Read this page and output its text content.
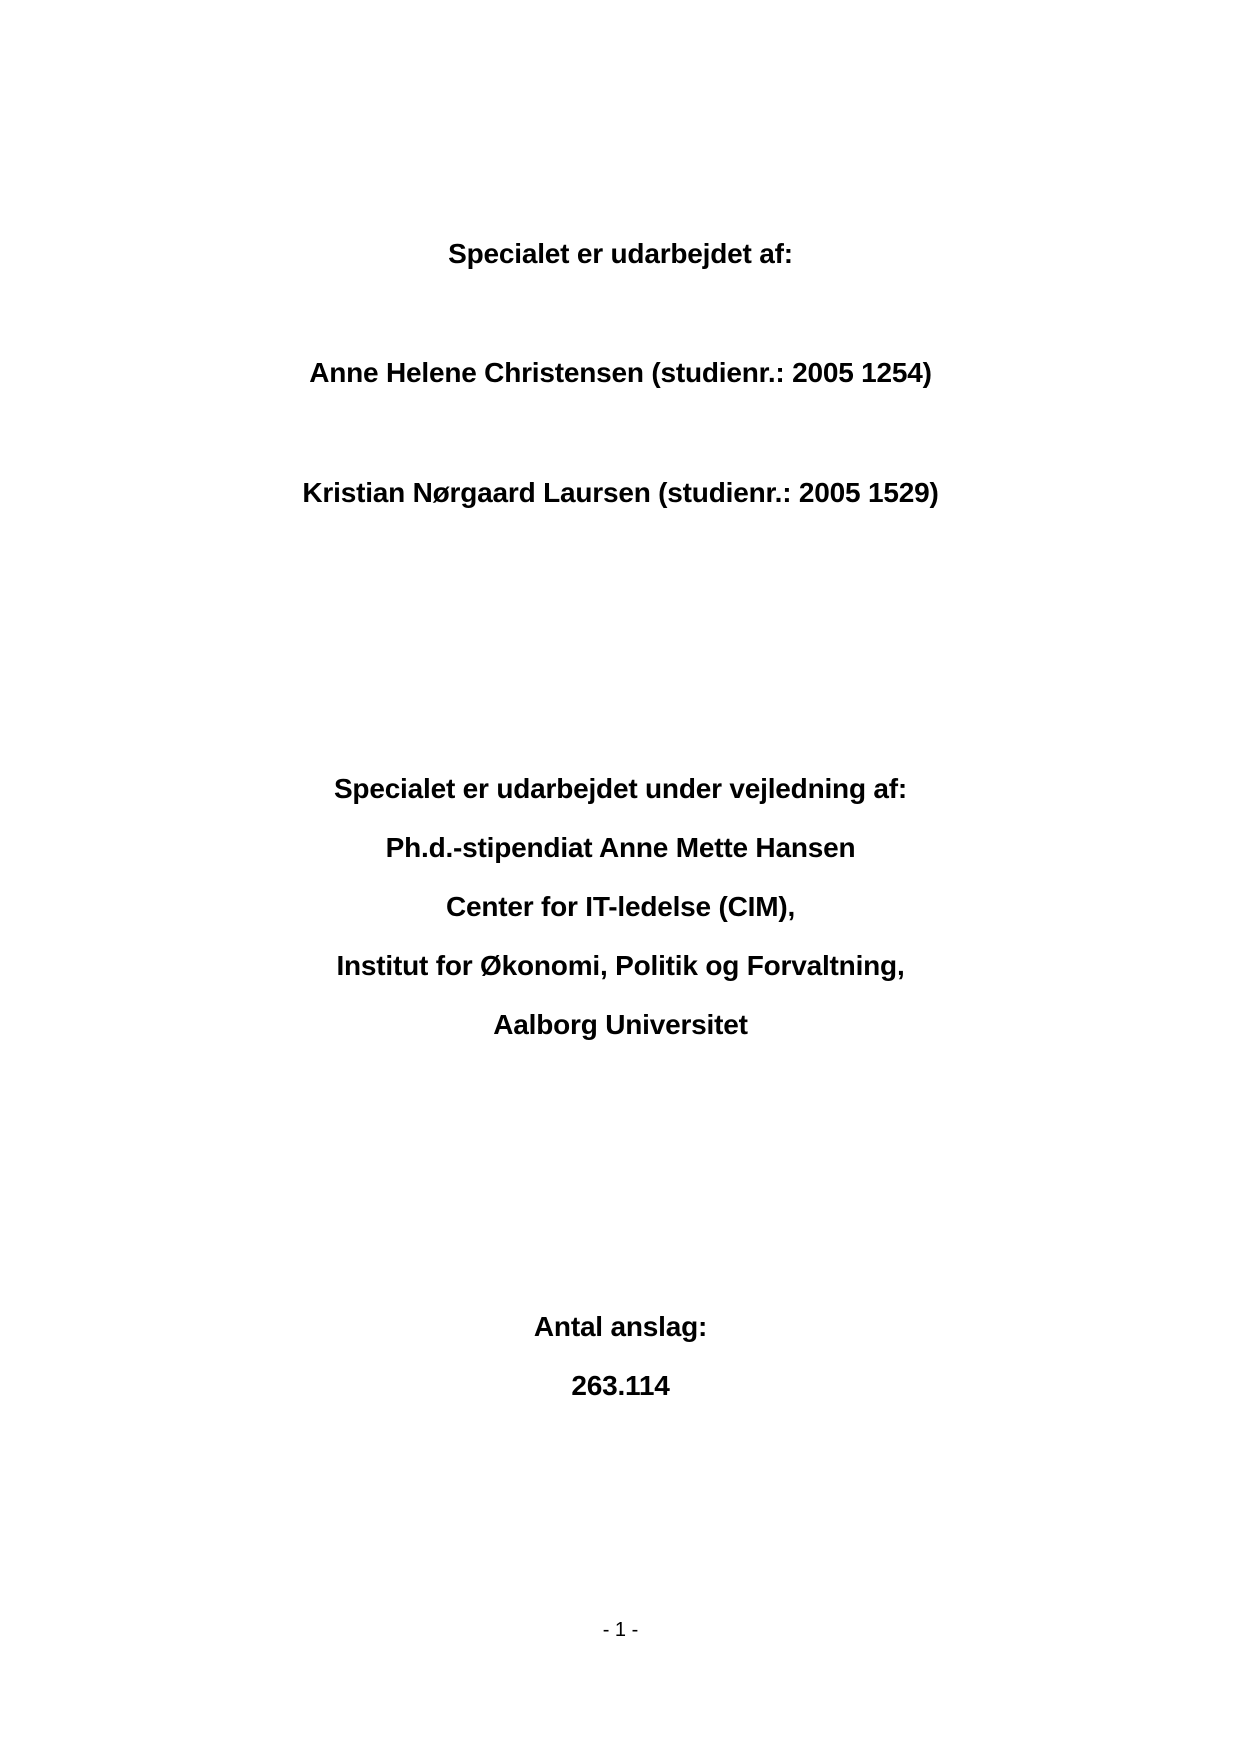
Specialet er udarbejdet af:
Anne Helene Christensen (studienr.: 2005 1254)
Kristian Nørgaard Laursen (studienr.: 2005 1529)
Specialet er udarbejdet under vejledning af:
Ph.d.-stipendiat Anne Mette Hansen
Center for IT-ledelse (CIM),
Institut for Økonomi, Politik og Forvaltning,
Aalborg Universitet
Antal anslag:
263.114
- 1 -
